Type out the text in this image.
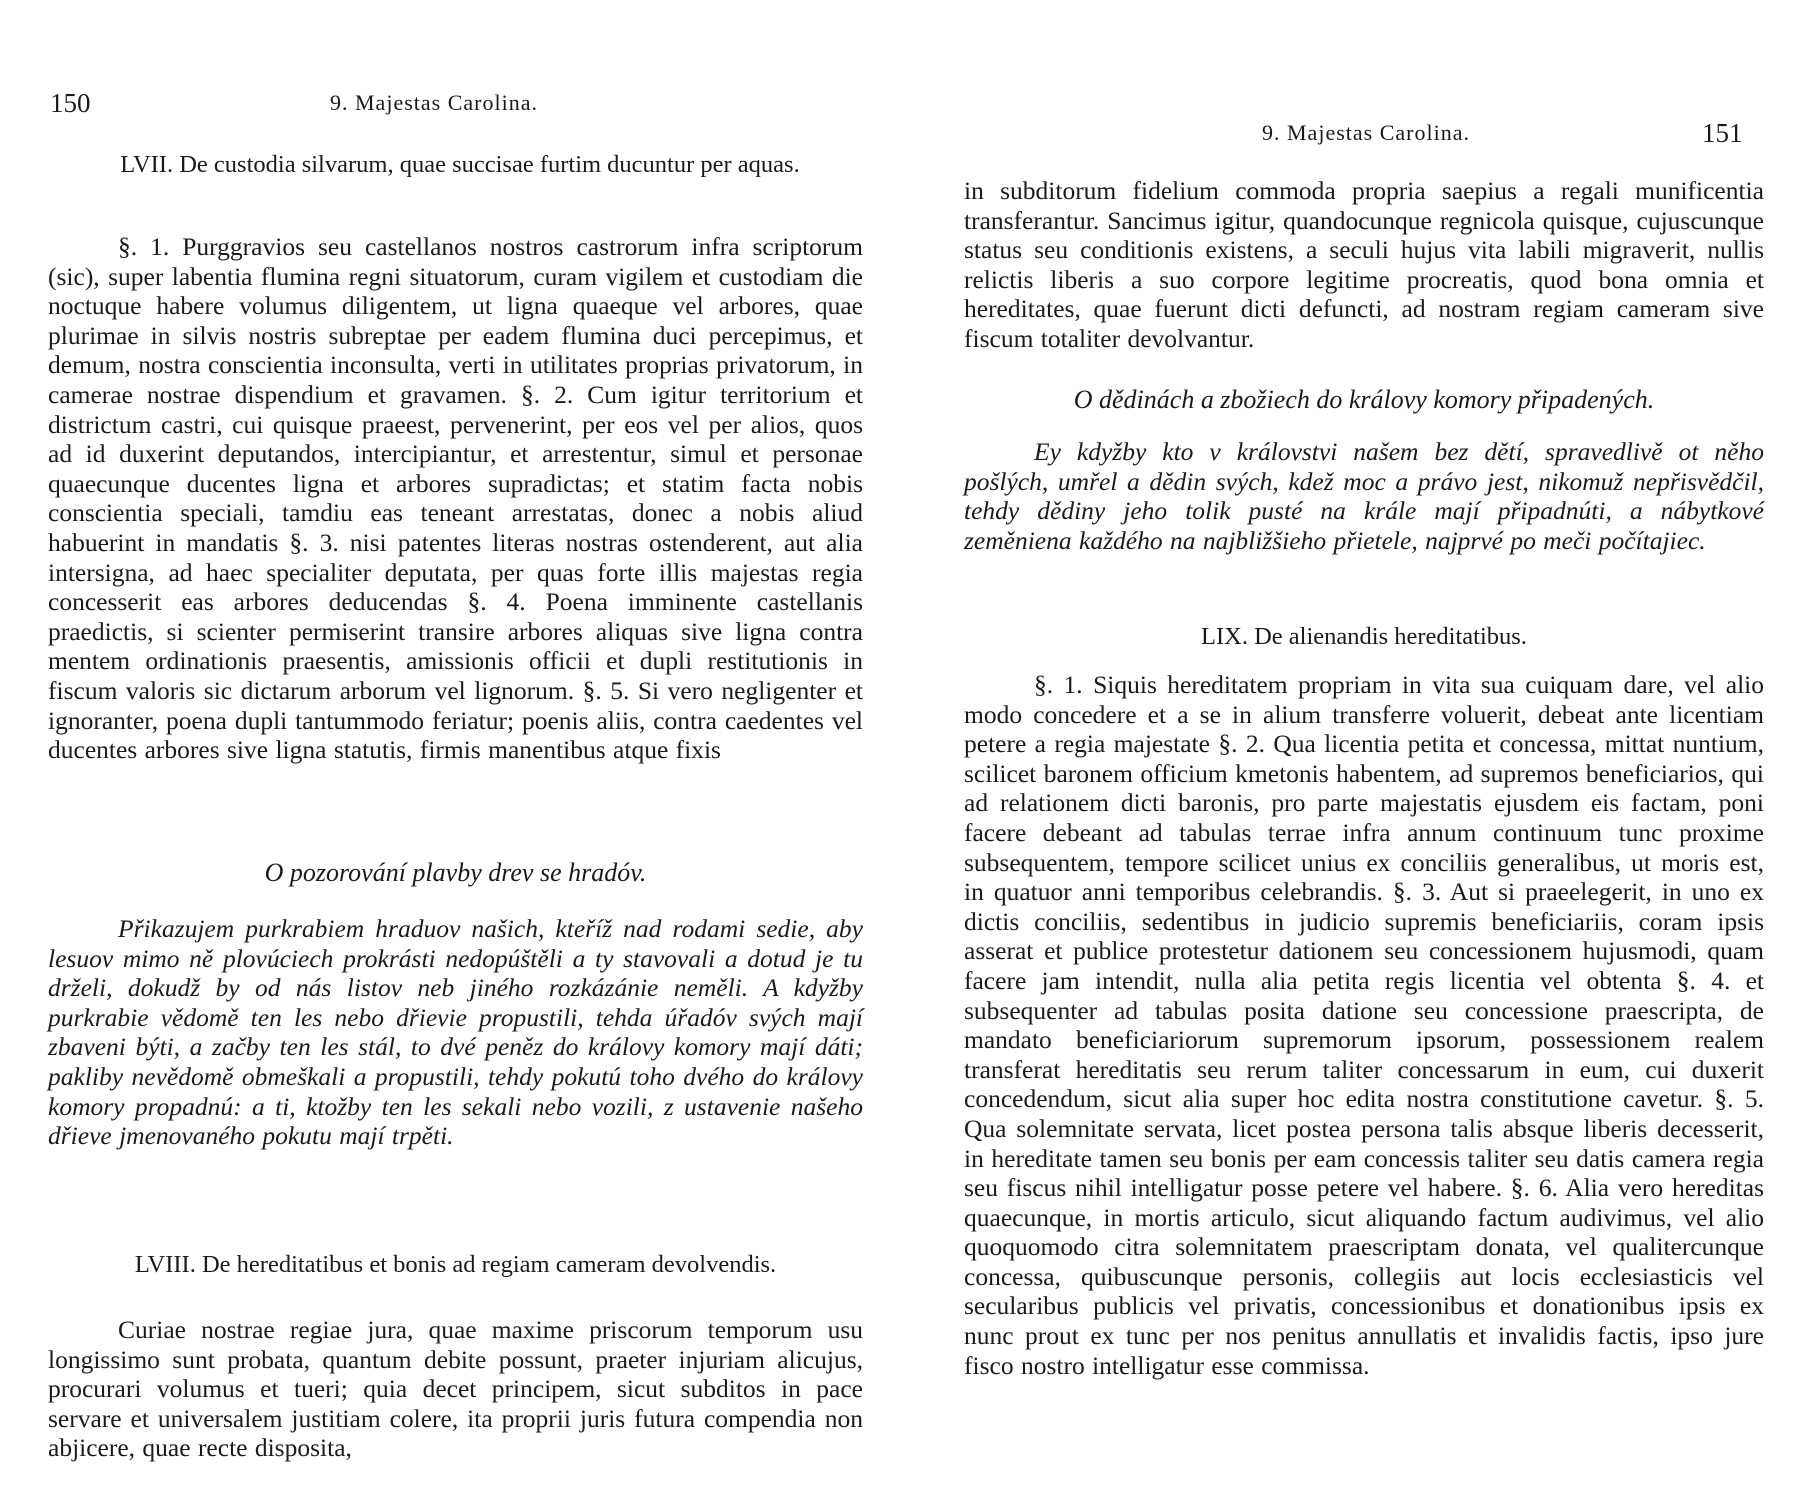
150	9. Majestas Carolina.
LVII. De custodia silvarum, quae succisae furtim ducuntur per aquas.

§. 1. Purggravios seu castellanos nostros castrorum infra scriptorum (sic), super labentia flumina regni situatorum, curam vigilem et custodiam die noctuque habere volumus diligentem, ut ligna quaeque vel arbores, quae plurimae in silvis nostris subreptae per eadem flumina duci percepimus, et demum, nostra conscientia inconsulta, verti in utilitates proprias privatorum, in camerae nostrae dispendium et gravamen. §. 2. Cum igitur territorium et districtum castri, cui quisque praeest, pervenerint, per eos vel per alios, quos ad id duxerint deputandos, intercipiantur, et arrestentur, simul et personae quaecunque ducentes ligna et arbores supradictas; et statim facta nobis conscientia speciali, tamdiu eas teneant arrestatas, donec a nobis aliud habuerint in mandatis §. 3. nisi patentes literas nostras ostenderent, aut alia intersigna, ad haec specialiter deputata, per quas forte illis majestas regia concesserit eas arbores deducendas §. 4. Poena imminente castellanis praedictis, si scienter permiserint transire arbores aliquas sive ligna contra mentem ordinationis praesentis, amissionis officii et dupli restitutionis in fiscum valoris sic dictarum arborum vel lignorum. §. 5. Si vero negligenter et ignoranter, poena dupli tantummodo feriatur; poenis aliis, contra caedentes vel ducentes arbores sive ligna statutis, firmis manentibus atque fixis

O pozorování plavby drev se hradóv.

Přikazujem purkrabiem hraduov našich, kteříž nad rodami sedie, aby lesuov mimo ně plovúciech prokrásti nedopúštěli a ty stavovali a dotud je tu drželi, dokudž by od nás listov neb jiného rozkázánie neměli. A kdyžby purkrabie vědomě ten les nebo dřievie propustili, tehda úřadóv svých mají zbaveni býti, a začby ten les stál, to dvé peněz do královy komory mají dáti; pakliby nevědomě obmeškali a propustili, tehdy pokutú toho dvého do královy komory propadnú: a ti, ktožby ten les sekali nebo vozili, z ustavenie našeho dřieve jmenovaného pokutu mají trpěti.

LVIII. De hereditatibus et bonis ad regiam cameram devolvendis.

Curiae nostrae regiae jura, quae maxime priscorum temporum usu longissimo sunt probata, quantum debite possunt, praeter injuriam alicujus, procurari volumus et tueri; quia decet principem, sicut subditos in pace servare et universalem justitiam colere, ita proprii juris futura compendia non abjicere, quae recte disposita,

9. Majestas Carolina.	151

in subditorum fidelium commoda propria saepius a regali munificentia transferantur. Sancimus igitur, quandocunque regnicola quisque, cujuscunque status seu conditionis existens, a seculi hujus vita labili migraverit, nullis relictis liberis a suo corpore legitime procreatis, quod bona omnia et hereditates, quae fuerunt dicti defuncti, ad nostram regiam cameram sive fiscum totaliter devolvantur.

O dědinách a zbožiech do královy komory připadených.

Ey kdyžby kto v královstvi našem bez dětí, spravedlivě ot něho pošlých, umřel a dědin svých, kdež moc a právo jest, nikomuž nepřisvědčil, tehdy dědiny jeho tolik pusté na krále mají připadnúti, a nábytkové zeměniena každého na najbližšieho přietele, najprvé po meči počítajiec.

LIX. De alienandis hereditatibus.

§. 1. Siquis hereditatem propriam in vita sua cuiquam dare, vel alio modo concedere et a se in alium transferre voluerit, debeat ante licentiam petere a regia majestate §. 2. Qua licentia petita et concessa, mittat nuntium, scilicet baronem officium kmetonis habentem, ad supremos beneficiarios, qui ad relationem dicti baronis, pro parte majestatis ejusdem eis factam, poni facere debeant ad tabulas terrae infra annum continuum tunc proxime subsequentem, tempore scilicet unius ex conciliis generalibus, ut moris est, in quatuor anni temporibus celebrandis. §. 3. Aut si praeelegerit, in uno ex dictis conciliis, sedentibus in judicio supremis beneficiariis, coram ipsis asserat et publice protestetur dationem seu concessionem hujusmodi, quam facere jam intendit, nulla alia petita regis licentia vel obtenta §. 4. et subsequenter ad tabulas posita datione seu concessione praescripta, de mandato beneficiariorum supremorum ipsorum, possessionem realem transferat hereditatis seu rerum taliter concessarum in eum, cui duxerit concedendum, sicut alia super hoc edita nostra constitutione cavetur. §. 5. Qua solemnitate servata, licet postea persona talis absque liberis decesserit, in hereditate tamen seu bonis per eam concessis taliter seu datis camera regia seu fiscus nihil intelligatur posse petere vel habere. §. 6. Alia vero hereditas quaecunque, in mortis articulo, sicut aliquando factum audivimus, vel alio quoquomodo citra solemnitatem praescriptam donata, vel qualitercunque concessa, quibuscunque personis, collegiis aut locis ecclesiasticis vel secularibus publicis vel privatis, concessionibus et donationibus ipsis ex nunc prout ex tunc per nos penitus annullatis et invalidis factis, ipso jure fisco nostro intelligatur esse commissa.
